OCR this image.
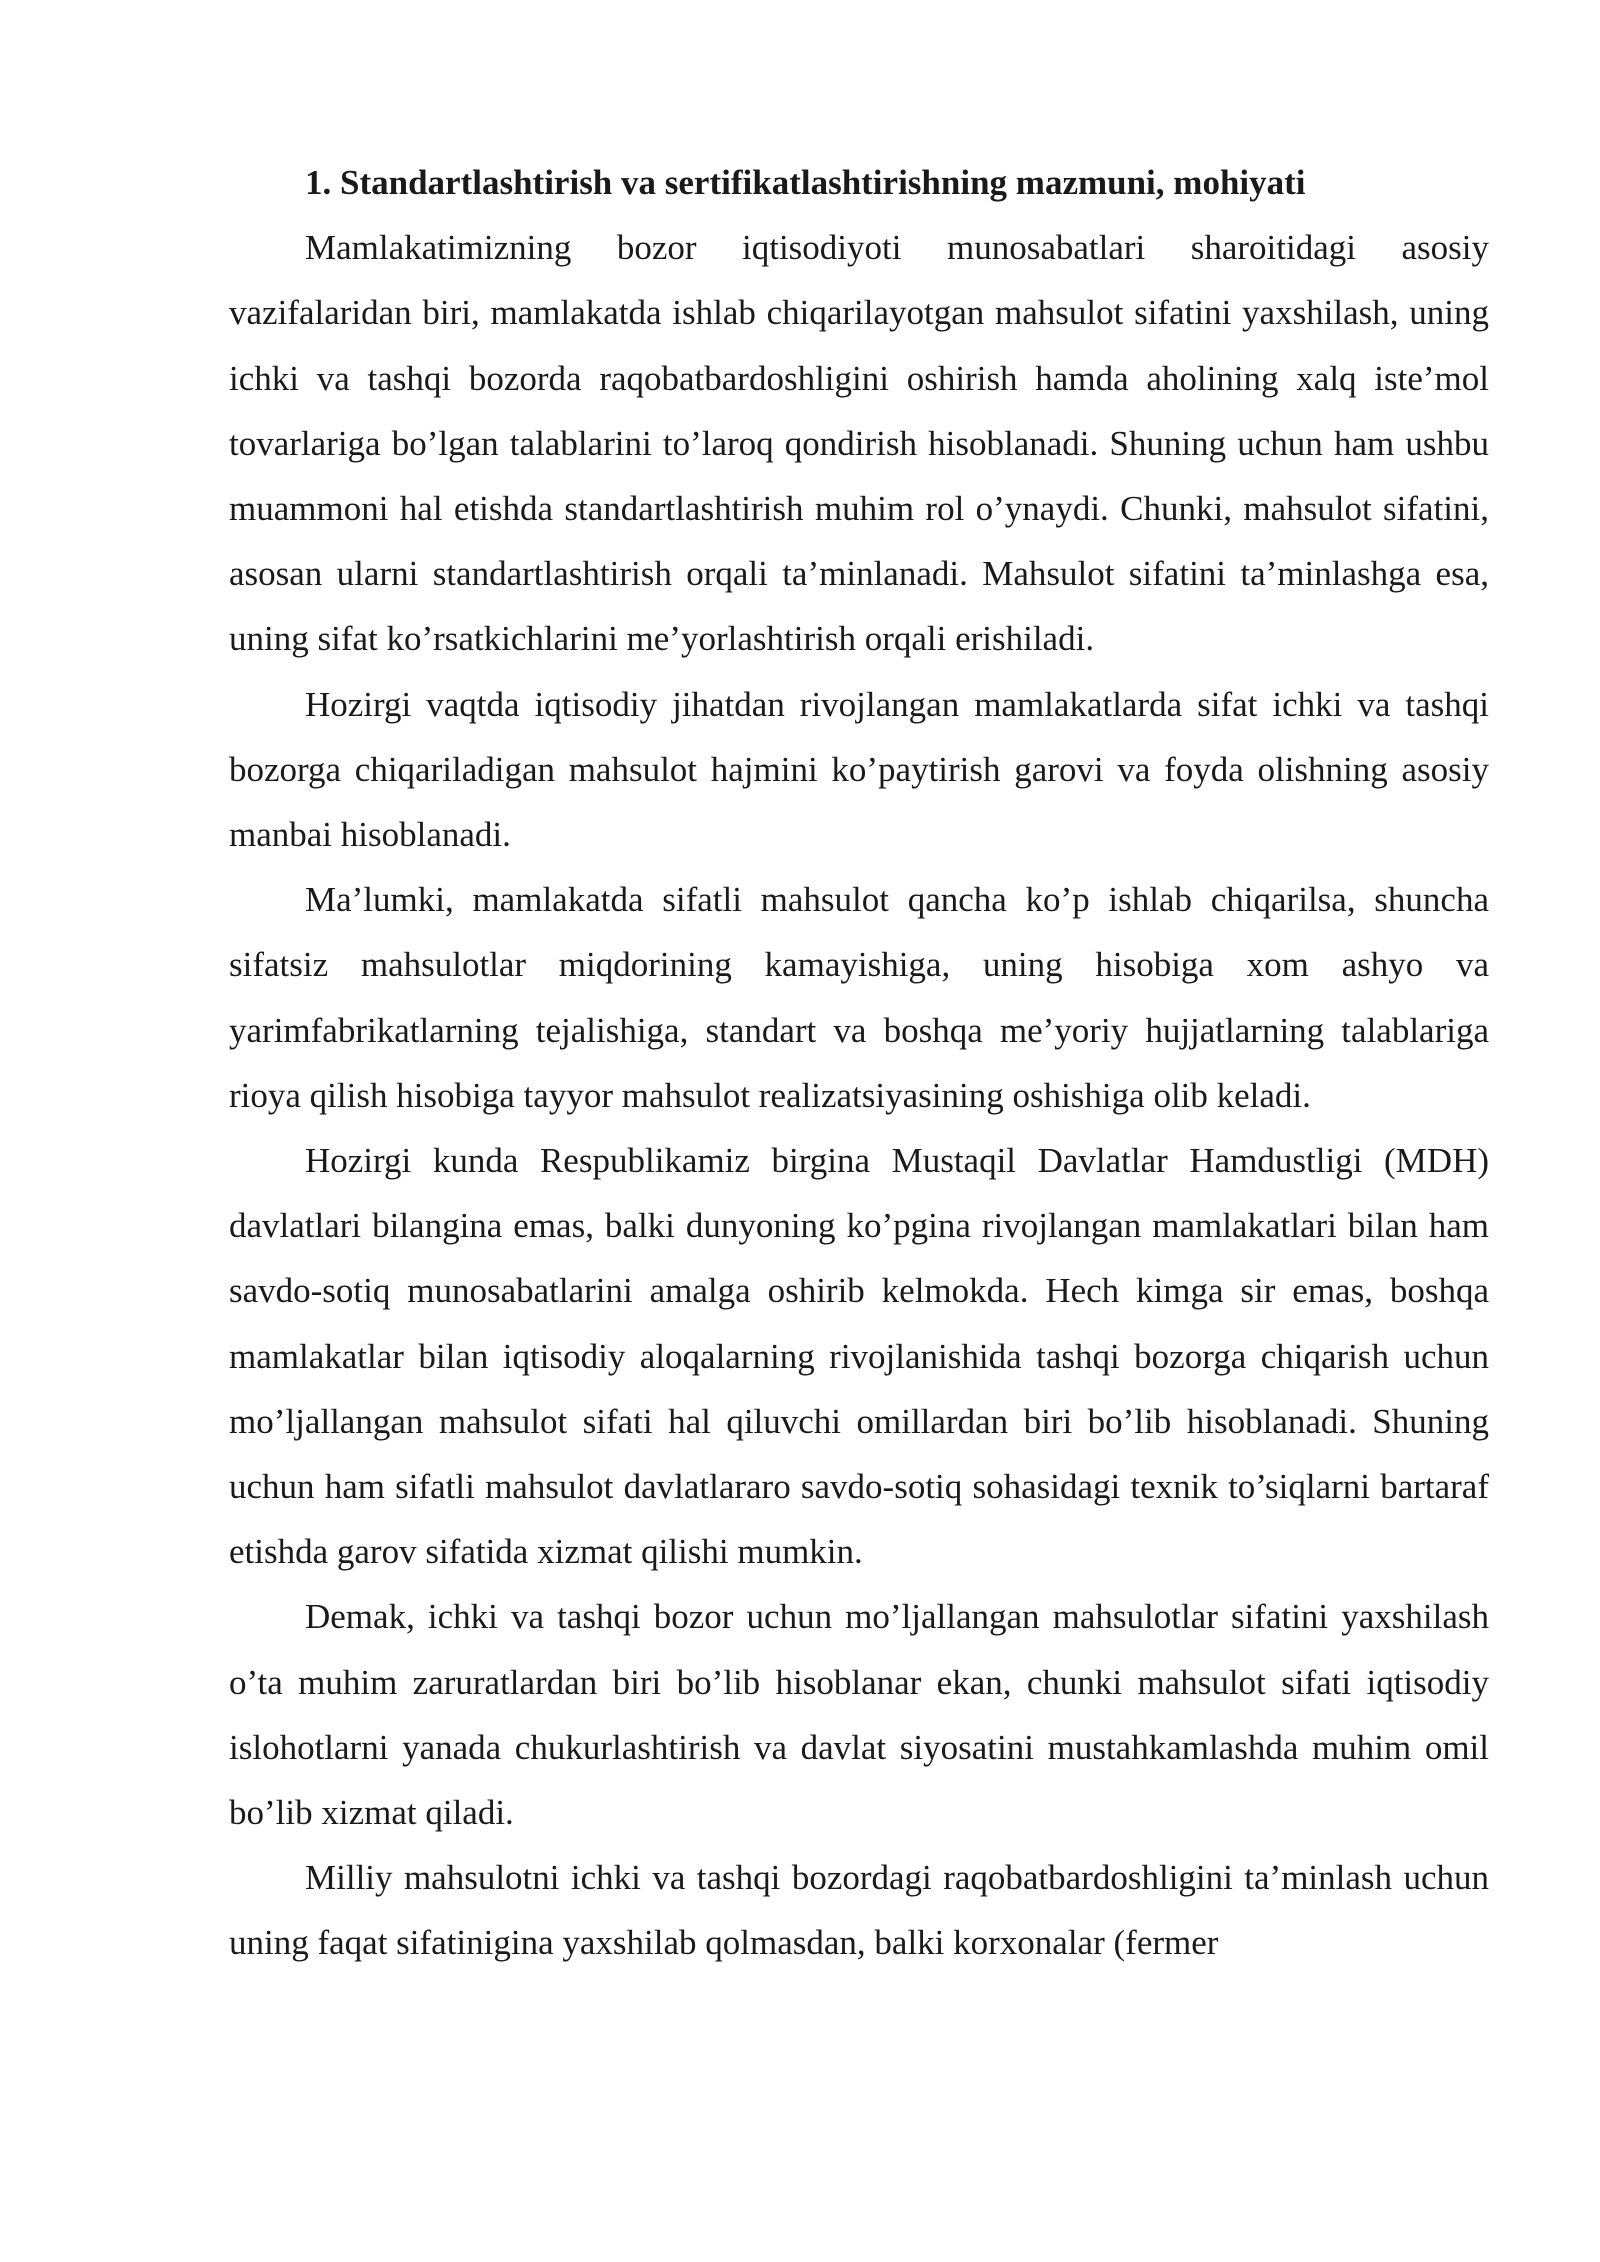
1. Standartlashtirish va sertifikatlashtirishning mazmuni, mohiyati

Mamlakatimizning bozor iqtisodiyoti munosabatlari sharoitidagi asosiy vazifalaridan biri, mamlakatda ishlab chiqarilayotgan mahsulot sifatini yaxshilash, uning ichki va tashqi bozorda raqobatbardoshligini oshirish hamda aholining xalq iste’mol tovarlariga bo’lgan talablarini to’laroq qondirish hisoblanadi. Shuning uchun ham ushbu muammoni hal etishda standartlashtirish muhim rol o’ynaydi. Chunki, mahsulot sifatini, asosan ularni standartlashtirish orqali ta’minlanadi. Mahsulot sifatini ta’minlashga esa, uning sifat ko’rsatkichlarini me’yorlashtirish orqali erishiladi.

Hozirgi vaqtda iqtisodiy jihatdan rivojlangan mamlakatlarda sifat ichki va tashqi bozorga chiqariladigan mahsulot hajmini ko’paytirish garovi va foyda olishning asosiy manbai hisoblanadi.

Ma’lumki, mamlakatda sifatli mahsulot qancha ko’p ishlab chiqarilsa, shuncha sifatsiz mahsulotlar miqdorining kamayishiga, uning hisobiga xom ashyo va yarimfabrikatlarning tejalishiga, standart va boshqa me’yoriy hujjatlarning talablariga rioya qilish hisobiga tayyor mahsulot realizatsiyasining oshishiga olib keladi.

Hozirgi kunda Respublikamiz birgina Mustaqil Davlatlar Hamdustligi (MDH) davlatlari bilangina emas, balki dunyoning ko’pgina rivojlangan mamlakatlari bilan ham savdo-sotiq munosabatlarini amalga oshirib kelmokda. Hech kimga sir emas, boshqa mamlakatlar bilan iqtisodiy aloqalarning rivojlanishida tashqi bozorga chiqarish uchun mo’ljallangan mahsulot sifati hal qiluvchi omillardan biri bo’lib hisoblanadi. Shuning uchun ham sifatli mahsulot davlatlararo savdo-sotiq sohasidagi texnik to’siqlarni bartaraf etishda garov sifatida xizmat qilishi mumkin.

Demak, ichki va tashqi bozor uchun mo’ljallangan mahsulotlar sifatini yaxshilash o’ta muhim zaruratlardan biri bo’lib hisoblanar ekan, chunki mahsulot sifati iqtisodiy islohotlarni yanada chukurlashtirish va davlat siyosatini mustahkamlashda muhim omil bo’lib xizmat qiladi.

Milliy mahsulotni ichki va tashqi bozordagi raqobatbardoshligini ta’minlash uchun uning faqat sifatinigina yaxshilab qolmasdan, balki korxonalar (fermer
